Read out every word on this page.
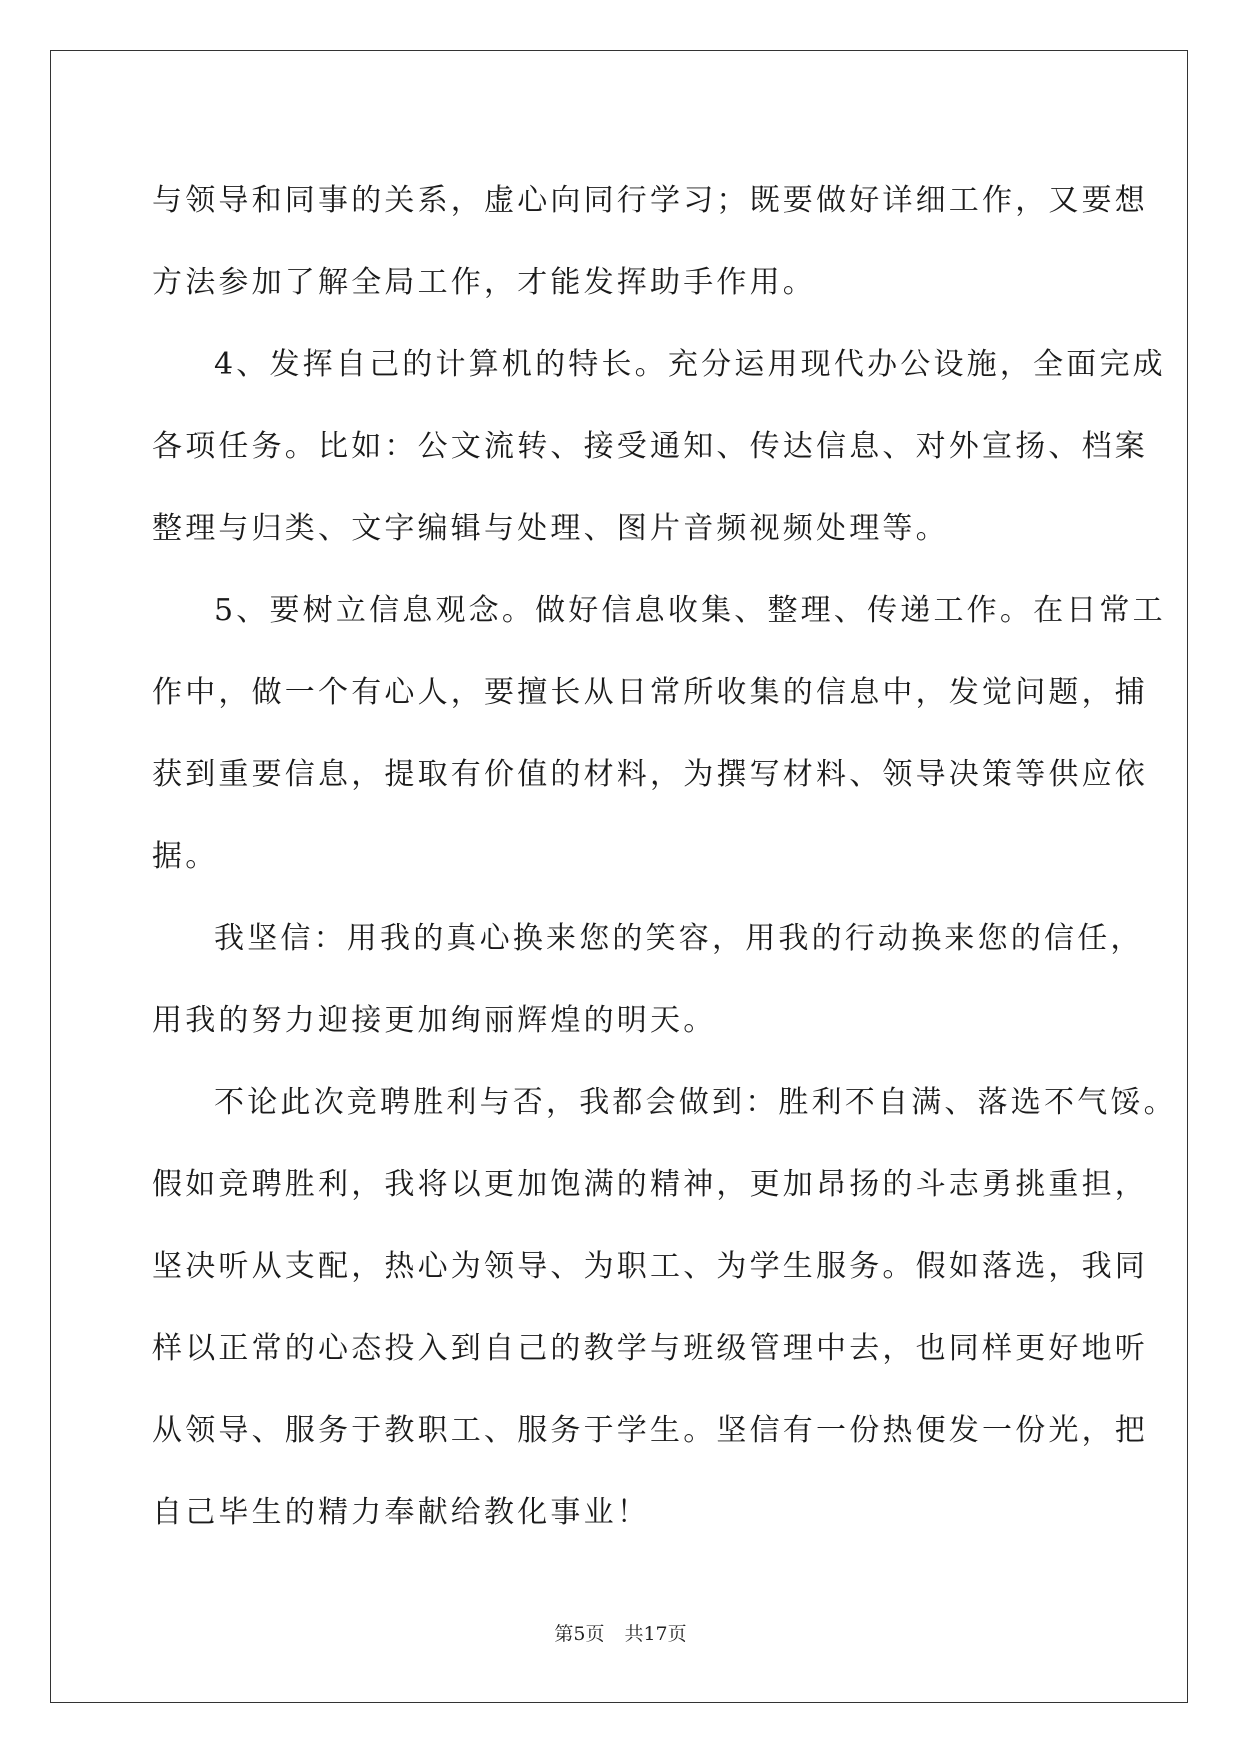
与领导和同事的关系，虚心向同行学习；既要做好详细工作，又要想
方法参加了解全局工作，才能发挥助手作用。
4、发挥自己的计算机的特长。充分运用现代办公设施，全面完成
各项任务。比如：公文流转、接受通知、传达信息、对外宣扬、档案
整理与归类、文字编辑与处理、图片音频视频处理等。
5、要树立信息观念。做好信息收集、整理、传递工作。在日常工
作中，做一个有心人，要擅长从日常所收集的信息中，发觉问题，捕
获到重要信息，提取有价值的材料，为撰写材料、领导决策等供应依
据。
我坚信：用我的真心换来您的笑容，用我的行动换来您的信任，
用我的努力迎接更加绚丽辉煌的明天。
不论此次竞聘胜利与否，我都会做到：胜利不自满、落选不气馁。
假如竞聘胜利，我将以更加饱满的精神，更加昂扬的斗志勇挑重担，
坚决听从支配，热心为领导、为职工、为学生服务。假如落选，我同
样以正常的心态投入到自己的教学与班级管理中去，也同样更好地听
从领导、服务于教职工、服务于学生。坚信有一份热便发一份光，把
自己毕生的精力奉献给教化事业！
第5页 共17页
